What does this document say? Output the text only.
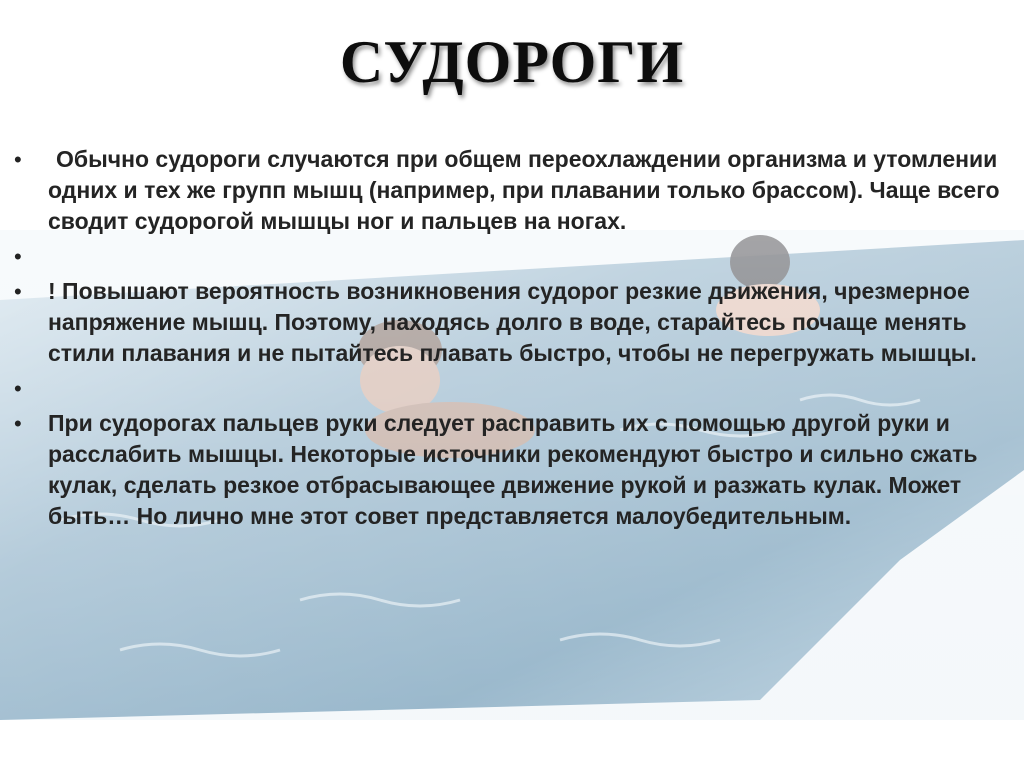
СУДОРОГИ
• Обычно судороги случаются при общем переохлаждении организма и утомлении одних и тех же групп мышц (например, при плавании только брассом). Чаще всего сводит судорогой мышцы ног и пальцев на ногах.
•
• ! Повышают вероятность возникновения судорог резкие движения, чрезмерное напряжение мышц. Поэтому, находясь долго в воде, старайтесь почаще менять стили плавания и не пытайтесь плавать быстро, чтобы не перегружать мышцы.
•
• При судорогах пальцев руки следует расправить их с помощью другой руки и расслабить мышцы. Некоторые источники рекомендуют быстро и сильно сжать кулак, сделать резкое отбрасывающее движение рукой и разжать кулак. Может быть… Но лично мне этот совет представляется малоубедительным.
